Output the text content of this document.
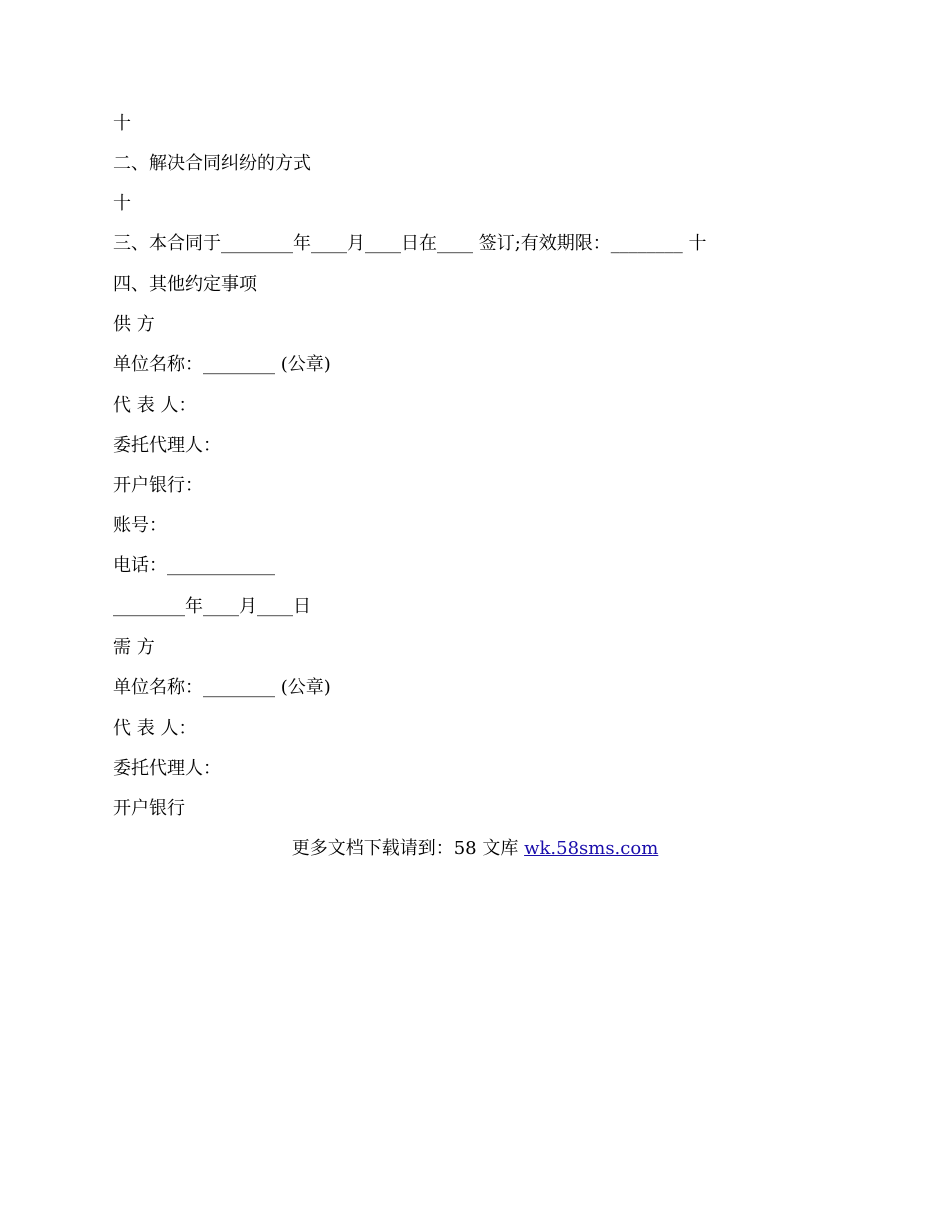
十
二、解决合同纠纷的方式
十
三、本合同于________年____月____日在____ 签订;有效期限：________ 十
四、其他约定事项
供 方
单位名称：________ (公章)
代 表 人：
委托代理人：
开户银行：
账号：
电话：____________
________年____月____日
需 方
单位名称：________ (公章)
代 表 人：
委托代理人：
开户银行
更多文档下载请到：58 文库 wk.58sms.com
